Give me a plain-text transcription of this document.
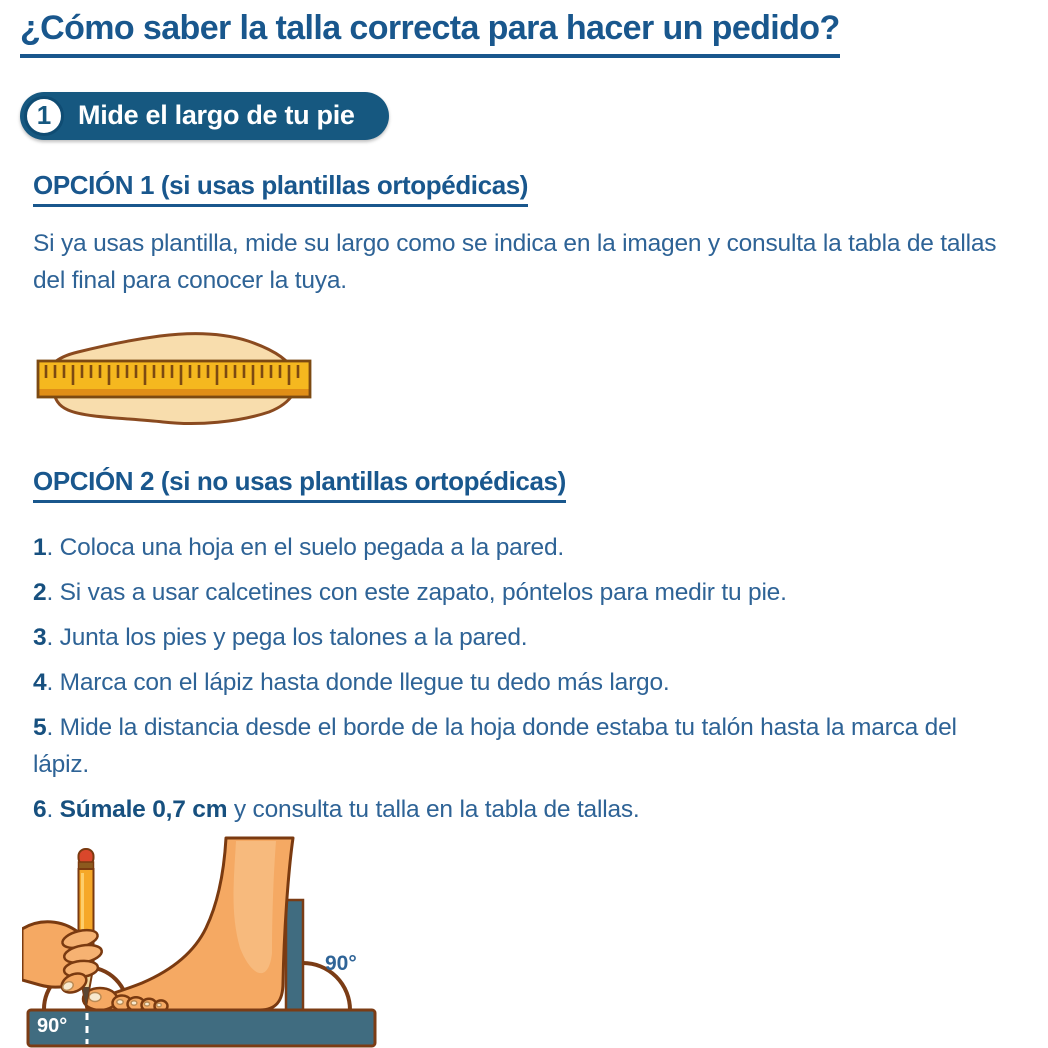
¿Cómo saber la talla correcta para hacer un pedido?
1 Mide el largo de tu pie
OPCIÓN 1 (si usas plantillas ortopédicas)

Si ya usas plantilla, mide su largo como se indica en la imagen y consulta la tabla de tallas del final para conocer la tuya.

OPCIÓN 2 (si no usas plantillas ortopédicas)

1. Coloca una hoja en el suelo pegada a la pared.

2. Si vas a usar calcetines con este zapato, póntelos para medir tu pie.

3. Junta los pies y pega los talones a la pared.

4. Marca con el lápiz hasta donde llegue tu dedo más largo.

5. Mide la distancia desde el borde de la hoja donde estaba tu talón hasta la marca del lápiz.

6. Súmale 0,7 cm y consulta tu talla en la tabla de tallas.

90°
90°
